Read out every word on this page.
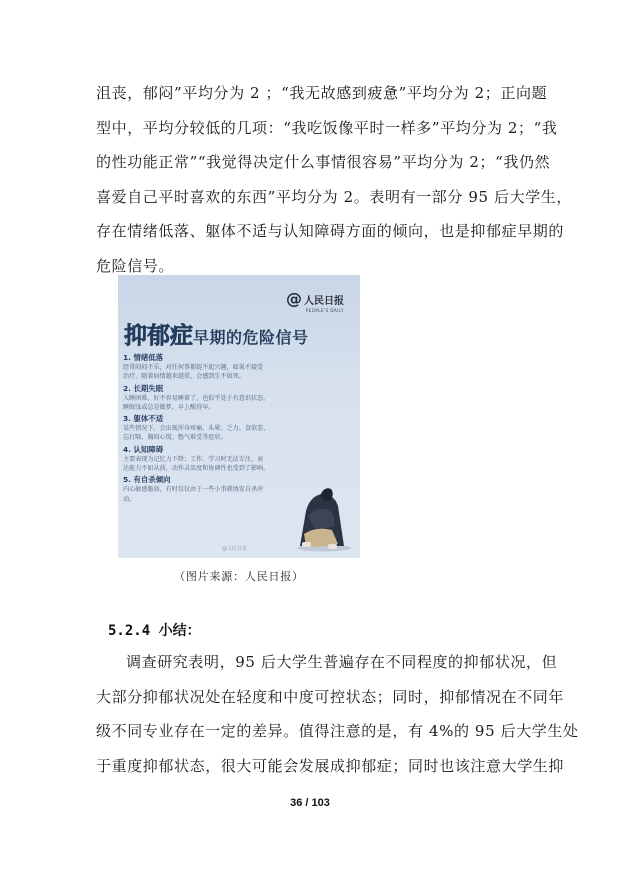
沮丧，郁闷”平均分为 2 ；“我无故感到疲惫”平均分为 2；正向题
型中，平均分较低的几项：“我吃饭像平时一样多”平均分为 2；“我
的性功能正常”“我觉得决定什么事情很容易”平均分为 2；“我仍然
喜爱自己平时喜欢的东西”平均分为 2。表明有一部分 95 后大学生，
存在情绪低落、躯体不适与认知障碍方面的倾向，也是抑郁症早期的
危险信号。
@ 人民日报
PEOPLE'S DAILY
抑郁症早期的危险信号
1. 情绪低落
经常闷闷不乐，对任何事都提不起兴趣，如果不接受
治疗，随着病情越来越重，会感到生不如死。
2. 长期失眠
入睡困难，好不容易睡着了，也似乎处于有意识状态，
睡眠浅或总是做梦，早上醒得早。
3. 躯体不适
某些情况下，会出现浑身疼痛、头晕、乏力、食欲差、
忘打嗝、胸闷心慌、憋气难受等症状。
4. 认知障碍
主要表现为记忆力下降；工作、学习时无法专注，表
达能力不如从前，动作灵活度和协调性也受到了影响。
5. 有自杀倾向
内心敏感脆弱，有时仅仅由于一些小事就诱发自杀冲
动。
@人民日报
（图片来源：人民日报）
5.2.4 小结：
调查研究表明，95 后大学生普遍存在不同程度的抑郁状况，但
大部分抑郁状况处在轻度和中度可控状态；同时，抑郁情况在不同年
级不同专业存在一定的差异。值得注意的是，有 4%的 95 后大学生处
于重度抑郁状态，很大可能会发展成抑郁症；同时也该注意大学生抑
36 / 103
